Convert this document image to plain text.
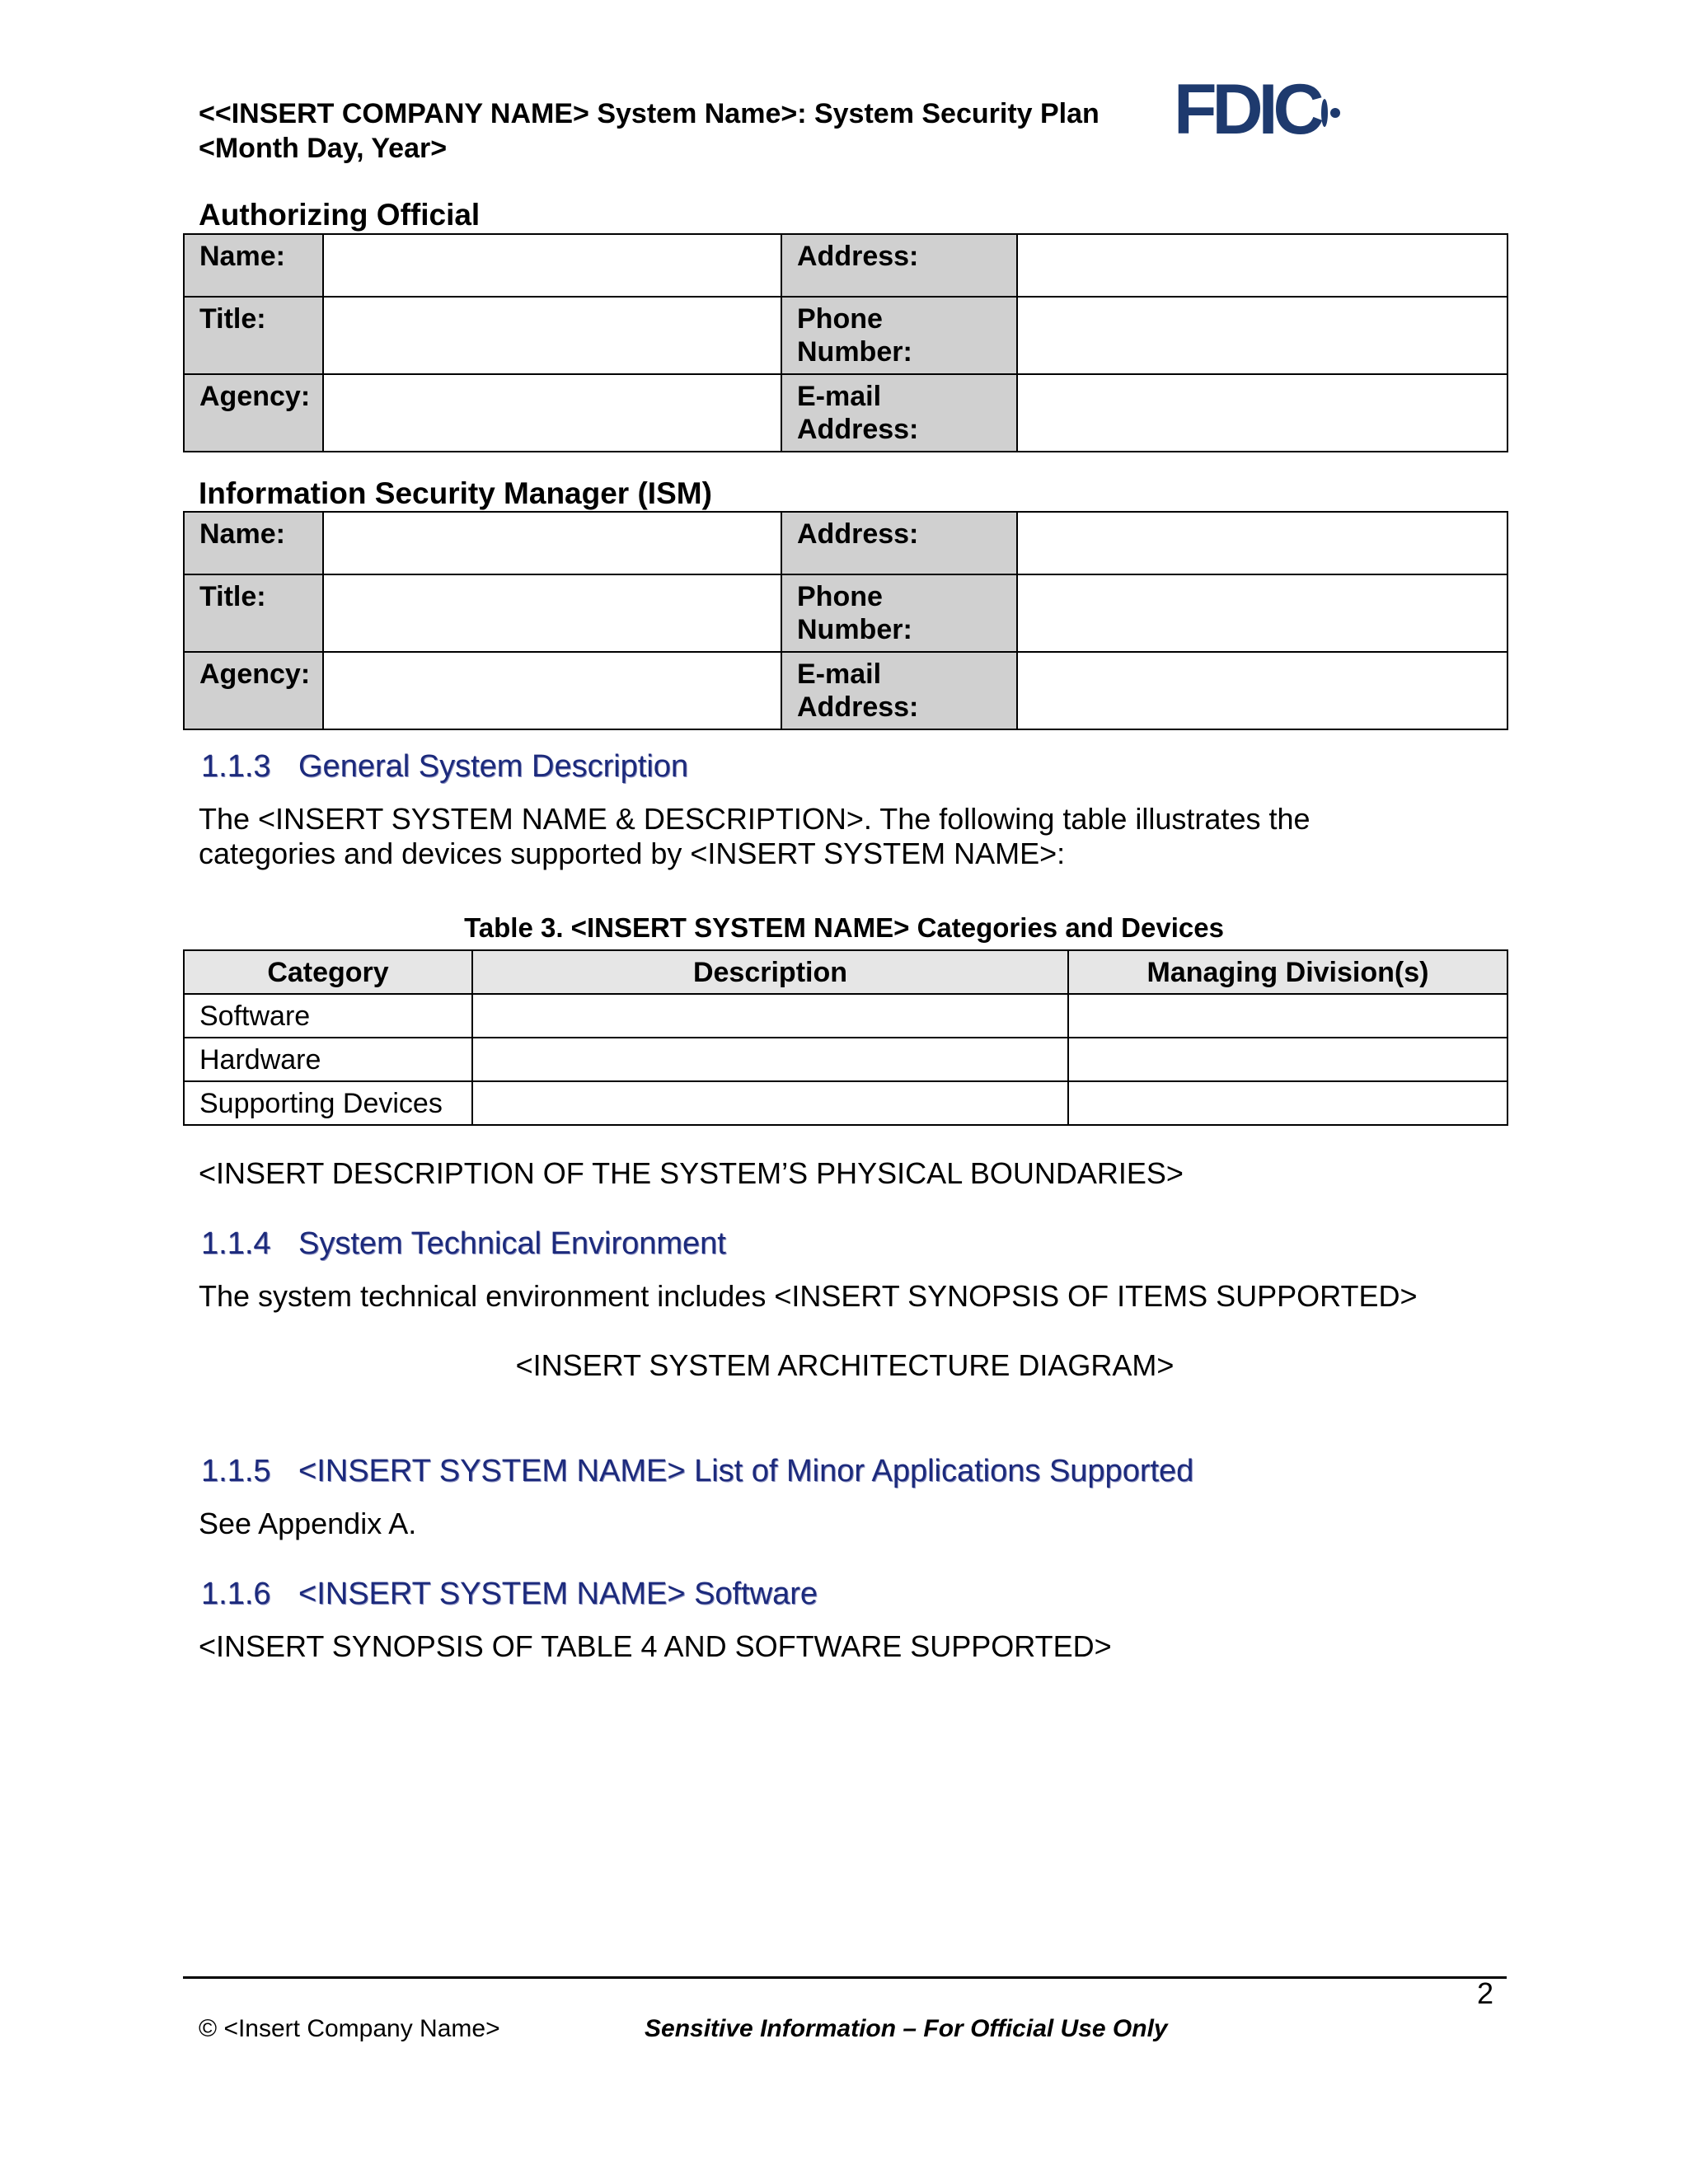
<<INSERT COMPANY NAME> System Name>: System Security Plan
<Month Day, Year>	FDIC
Authorizing Official
Name:		Address:	
Title:		Phone Number:	
Agency:		E-mail
Address:	
Information Security Manager (ISM)
Name:		Address:	
Title:		Phone Number:	
Agency:		E-mail
Address:	
1.1.3 General System Description
The <INSERT SYSTEM NAME & DESCRIPTION>. The following table illustrates the
categories and devices supported by <INSERT SYSTEM NAME>:
Table 3. <INSERT SYSTEM NAME> Categories and Devices
Category	Description	Managing Division(s)
Software		
Hardware		
Supporting Devices		
<INSERT DESCRIPTION OF THE SYSTEM’S PHYSICAL BOUNDARIES>
1.1.4 System Technical Environment
The system technical environment includes <INSERT SYNOPSIS OF ITEMS SUPPORTED>
<INSERT SYSTEM ARCHITECTURE DIAGRAM>
1.1.5 <INSERT SYSTEM NAME> List of Minor Applications Supported
See Appendix A.
1.1.6 <INSERT SYSTEM NAME> Software
<INSERT SYNOPSIS OF TABLE 4 AND SOFTWARE SUPPORTED>
2
© <Insert Company Name>	Sensitive Information – For Official Use Only
